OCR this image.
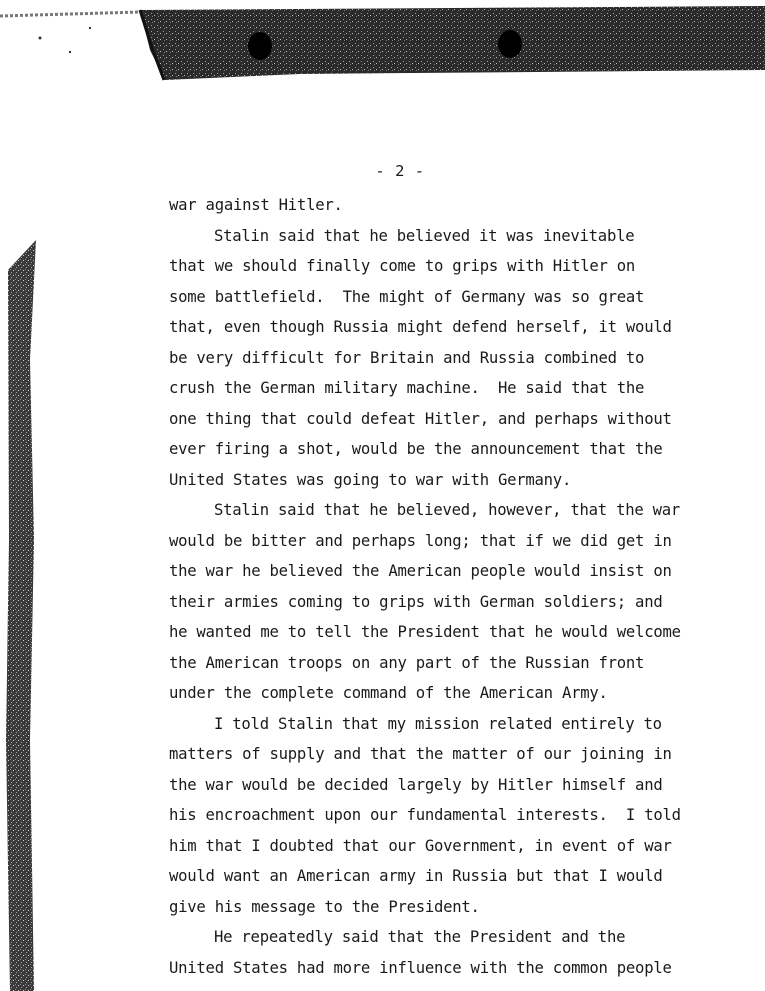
- 2 -
war against Hitler.
Stalin said that he believed it was inevitable
that we should finally come to grips with Hitler on
some battlefield.  The might of Germany was so great
that, even though Russia might defend herself, it would
be very difficult for Britain and Russia combined to
crush the German military machine.  He said that the
one thing that could defeat Hitler, and perhaps without
ever firing a shot, would be the announcement that the
United States was going to war with Germany.
Stalin said that he believed, however, that the war
would be bitter and perhaps long; that if we did get in
the war he believed the American people would insist on
their armies coming to grips with German soldiers; and
he wanted me to tell the President that he would welcome
the American troops on any part of the Russian front
under the complete command of the American Army.
I told Stalin that my mission related entirely to
matters of supply and that the matter of our joining in
the war would be decided largely by Hitler himself and
his encroachment upon our fundamental interests.  I told
him that I doubted that our Government, in event of war
would want an American army in Russia but that I would
give his message to the President.
He repeatedly said that the President and the
United States had more influence with the common people
